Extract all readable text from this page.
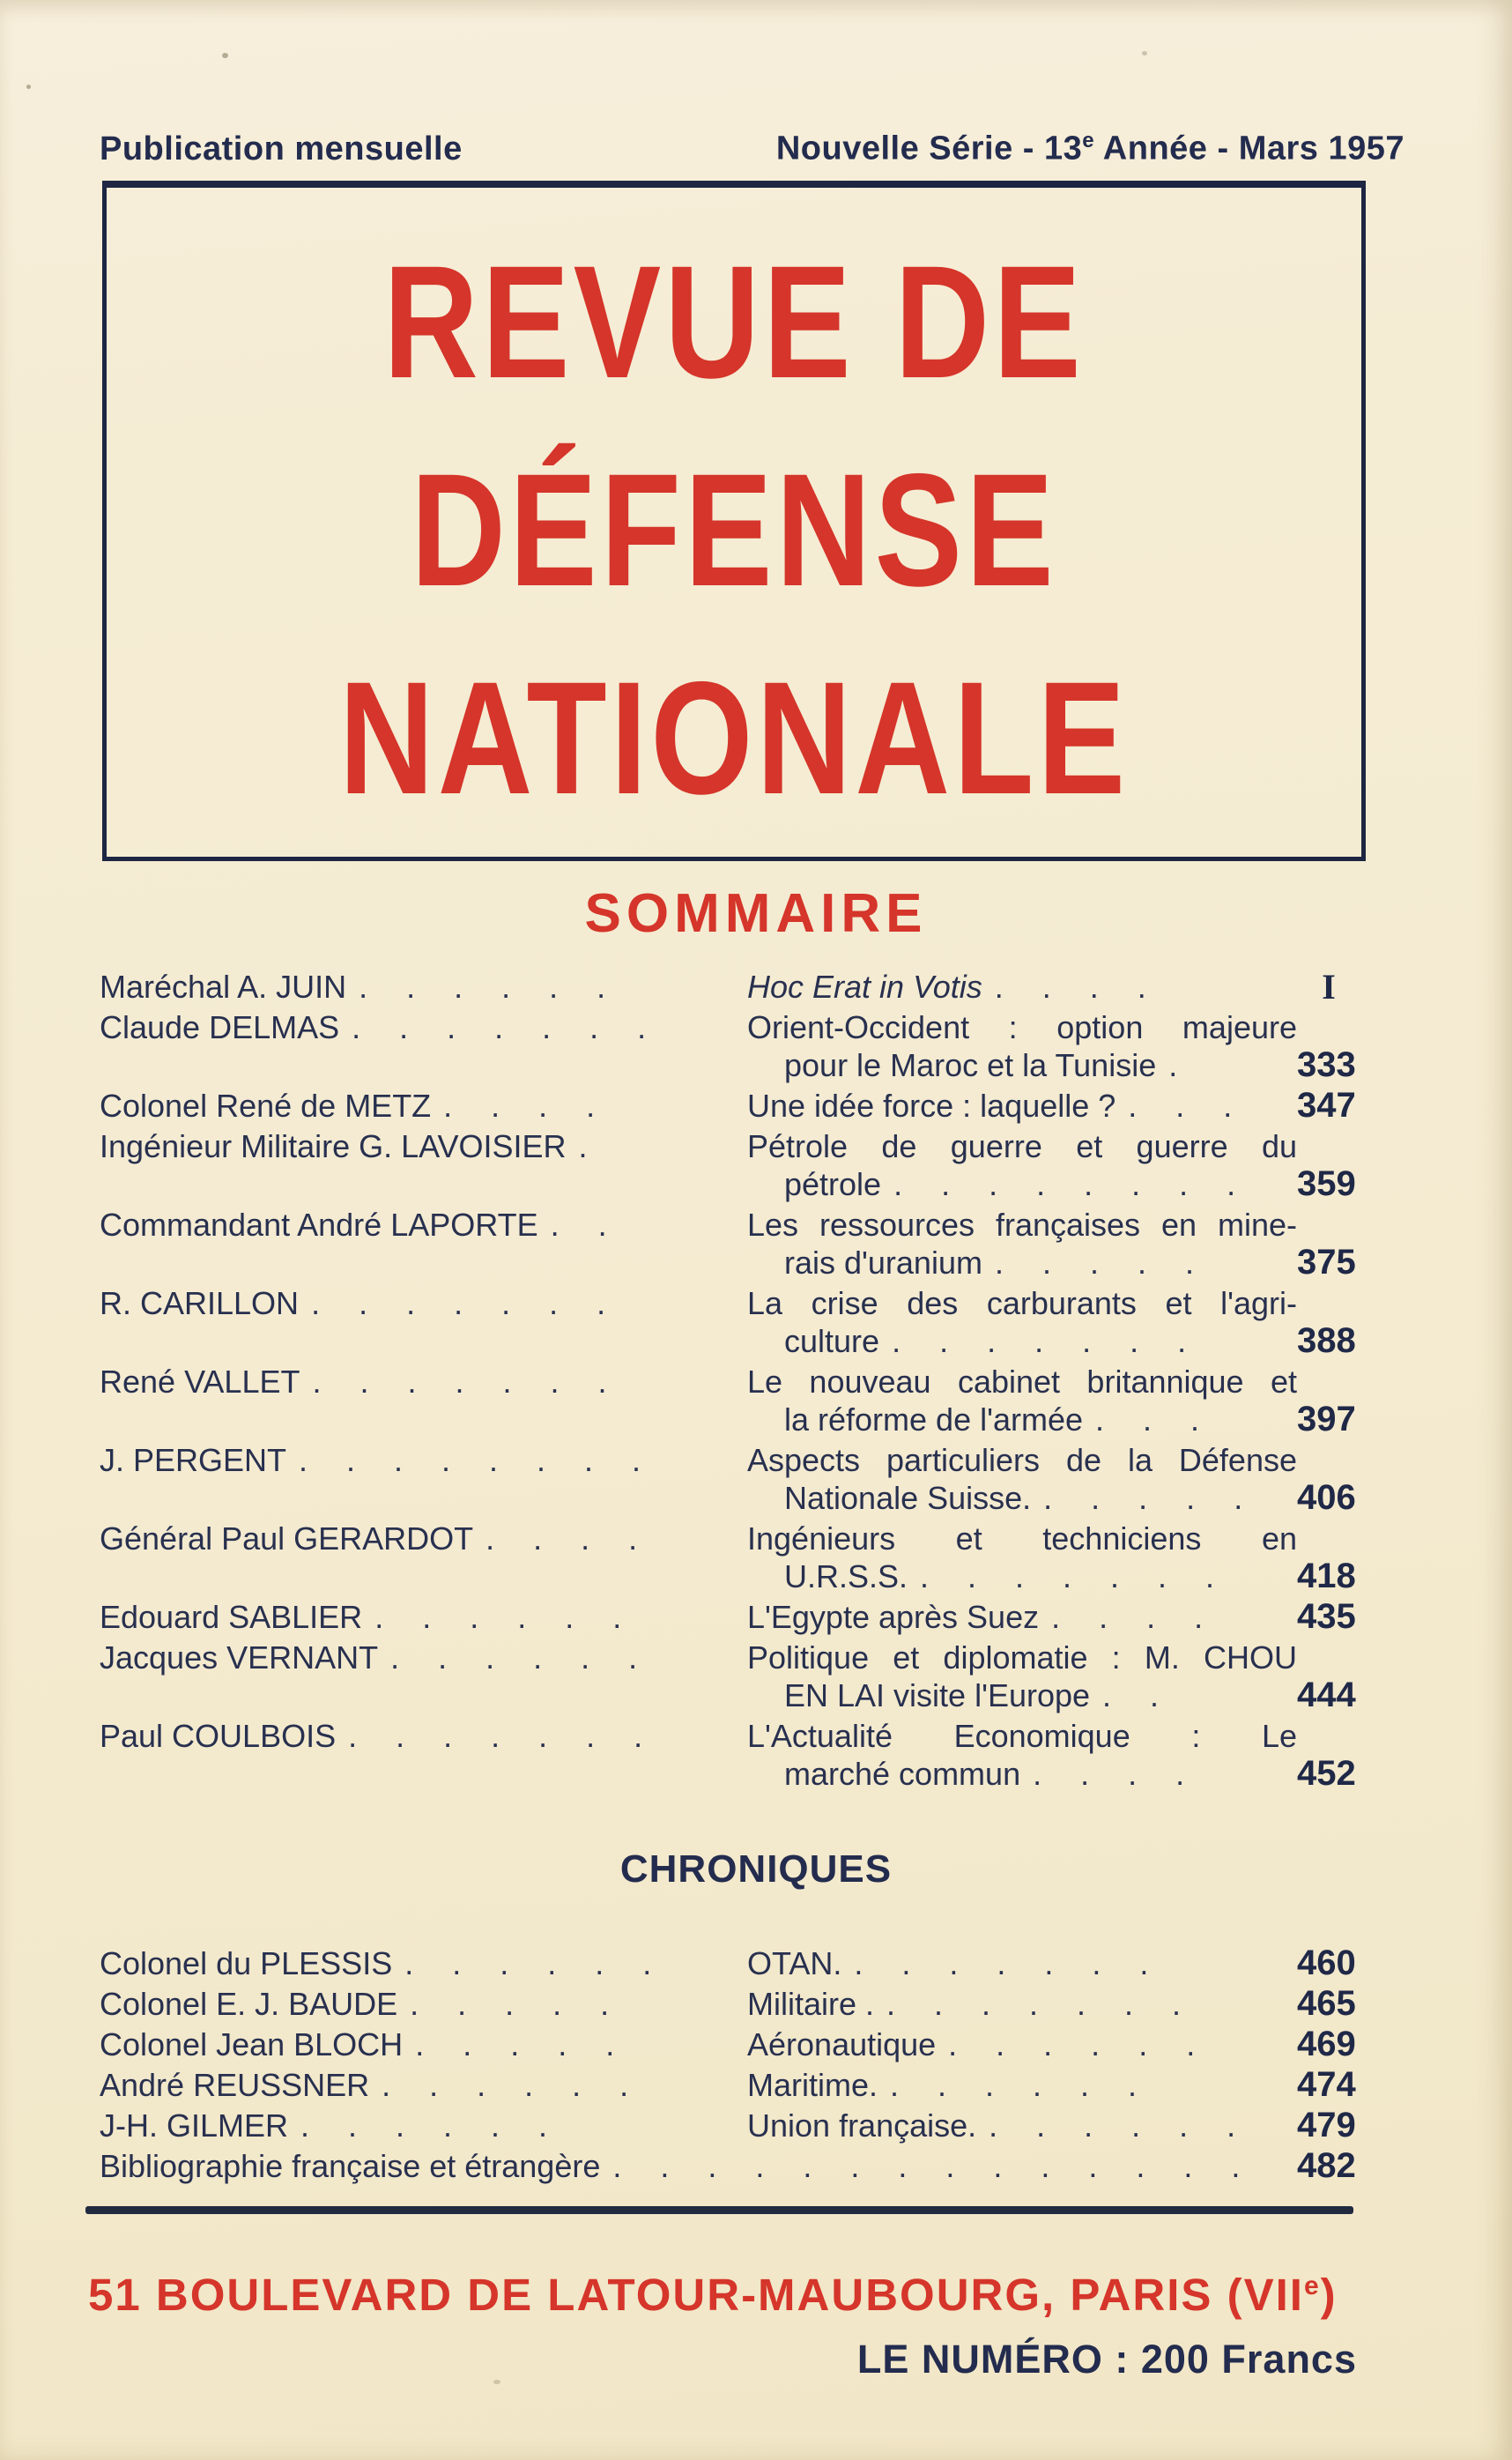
Publication mensuelle	Nouvelle Série - 13e Année - Mars 1957
REVUE DE
DÉFENSE
NATIONALE
SOMMAIRE
Maréchal A. JUIN . . . . . .	Hoc Erat in Votis . . . .	I
Claude DELMAS . . . . . . .	Orient-Occident : option majeure
pour le Maroc et la Tunisie .	333
Colonel René de METZ . . . .	Une idée force : laquelle ? . . .	347
Ingénieur Militaire G. LAVOISIER .	Pétrole de guerre et guerre du
pétrole . . . . . . . .	359
Commandant André LAPORTE . .	Les ressources françaises en mine-
rais d'uranium . . . . .	375
R. CARILLON . . . . . . .	La crise des carburants et l'agri-
culture . . . . . . .	388
René VALLET . . . . . . .	Le nouveau cabinet britannique et
la réforme de l'armée . . .	397
J. PERGENT . . . . . . . .	Aspects particuliers de la Défense
Nationale Suisse. . . . . .	406
Général Paul GERARDOT . . . .	Ingénieurs et techniciens en
U.R.S.S. . . . . . . .	418
Edouard SABLIER . . . . . .	L'Egypte après Suez . . . .	435
Jacques VERNANT . . . . . .	Politique et diplomatie : M. CHOU
EN LAI visite l'Europe . .	444
Paul COULBOIS . . . . . . .	L'Actualité Economique : Le
marché commun . . . .	452
CHRONIQUES
Colonel du PLESSIS . . . . . .	OTAN. . . . . . . .	460
Colonel E. J. BAUDE . . . . .	Militaire . . . . . . . .	465
Colonel Jean BLOCH . . . . .	Aéronautique . . . . . .	469
André REUSSNER . . . . . .	Maritime. . . . . . .	474
J-H. GILMER . . . . . .	Union française. . . . . . .	479
Bibliographie française et étrangère . . . . . . . . . . . . . .	482
51 BOULEVARD DE LATOUR-MAUBOURG, PARIS (VIIe)
LE NUMÉRO : 200 Francs
